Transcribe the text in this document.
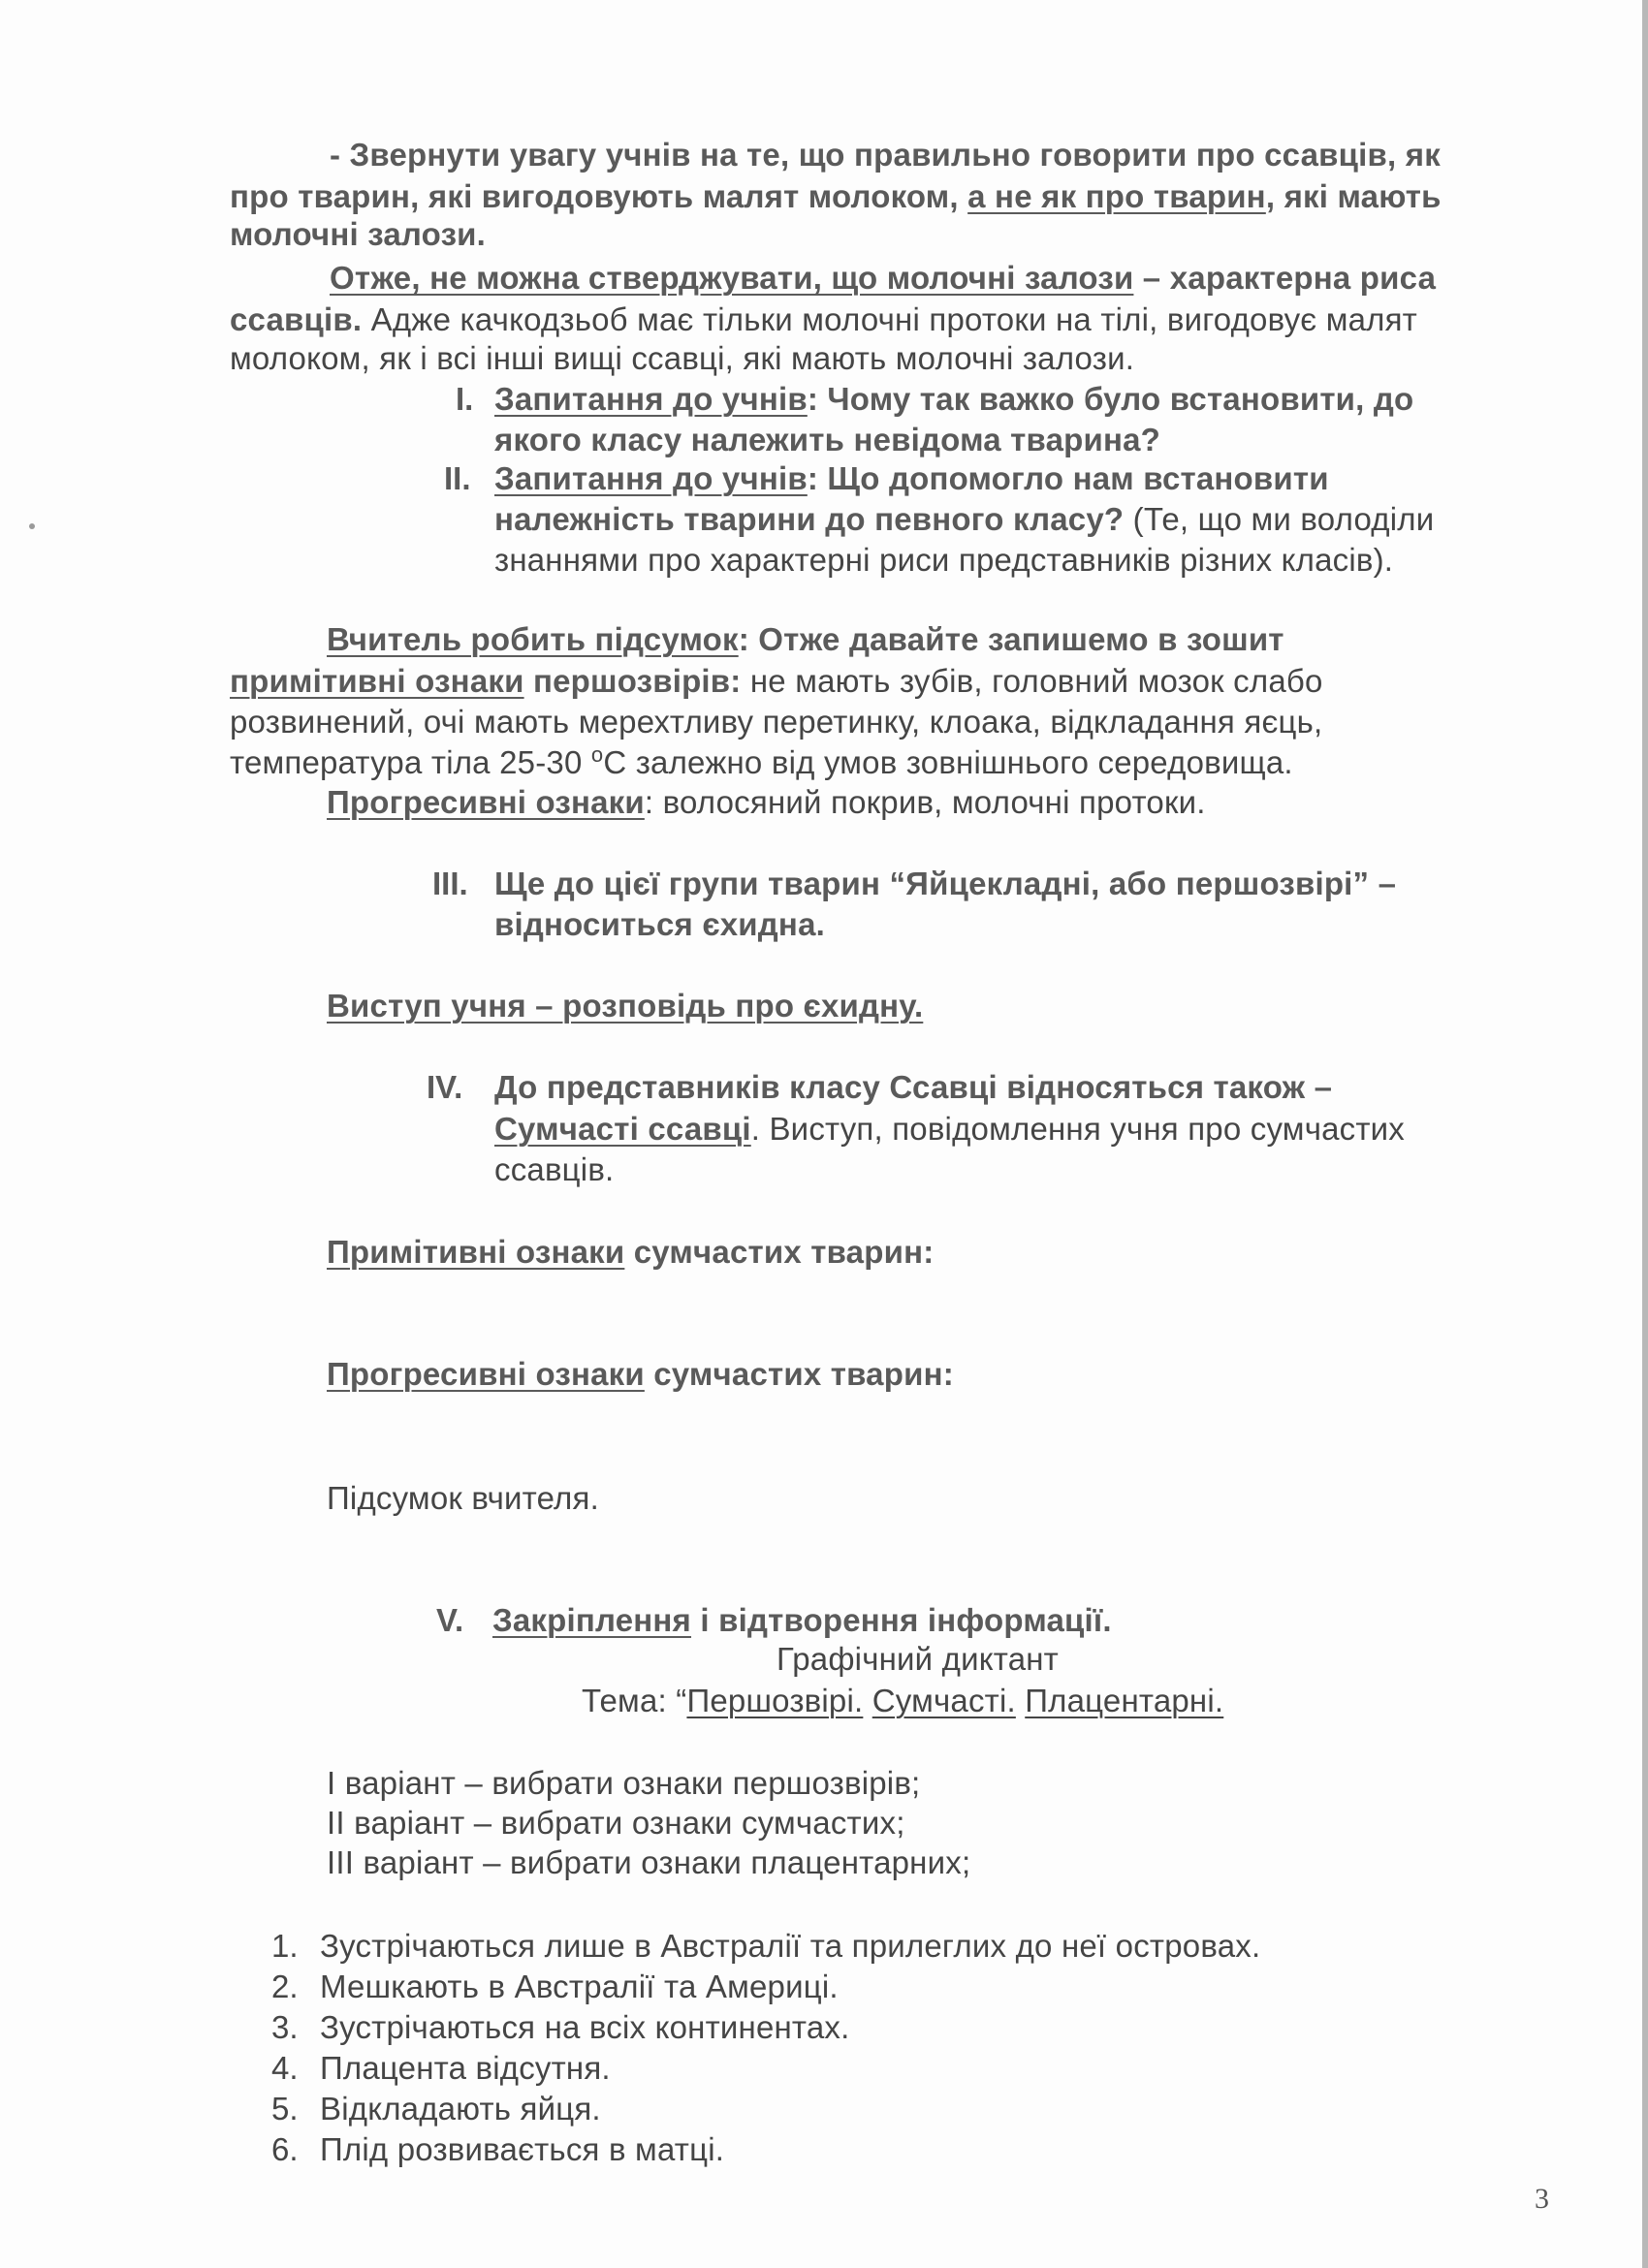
- Звернути увагу учнів на те, що правильно говорити про ссавців, як
про тварин, які вигодовують малят молоком, а не як про тварин, які мають
молочні залози.
Отже, не можна стверджувати, що молочні залози – характерна риса
ссавців. Адже качкодзьоб має тільки молочні протоки на тілі, вигодовує малят
молоком, як і всі інші вищі ссавці, які мають молочні залози.
I. Запитання до учнів: Чому так важко було встановити, до
якого класу належить невідома тварина?
II. Запитання до учнів: Що допомогло нам встановити
належність тварини до певного класу? (Те, що ми володіли
знаннями про характерні риси представників різних класів).
Вчитель робить підсумок: Отже давайте запишемо в зошит
примітивні ознаки першозвірів: не мають зубів, головний мозок слабо
розвинений, очі мають мерехтливу перетинку, клоака, відкладання яєць,
температура тіла 25-30 $^o$С залежно від умов зовнішнього середовища.
Прогресивні ознаки: волосяний покрив, молочні протоки.
III. Ще до цієї групи тварин “Яйцекладні, або першозвірі” –
відноситься єхидна.
Виступ учня – розповідь про єхидну.
IV. До представників класу Ссавці відносяться також –
Сумчасті ссавці. Виступ, повідомлення учня про сумчастих
ссавців.
Примітивні ознаки сумчастих тварин:
Прогресивні ознаки сумчастих тварин:
Підсумок вчителя.
V. Закріплення і відтворення інформації.
Графічний диктант
Тема: “Першозвірі. Сумчасті. Плацентарні.
І варіант – вибрати ознаки першозвірів;
ІІ варіант – вибрати ознаки сумчастих;
ІІІ варіант – вибрати ознаки плацентарних;
1. Зустрічаються лише в Австралії та прилеглих до неї островах.
2. Мешкають в Австралії та Америці.
3. Зустрічаються на всіх континентах.
4. Плацента відсутня.
5. Відкладають яйця.
6. Плід розвивається в матці.
3
